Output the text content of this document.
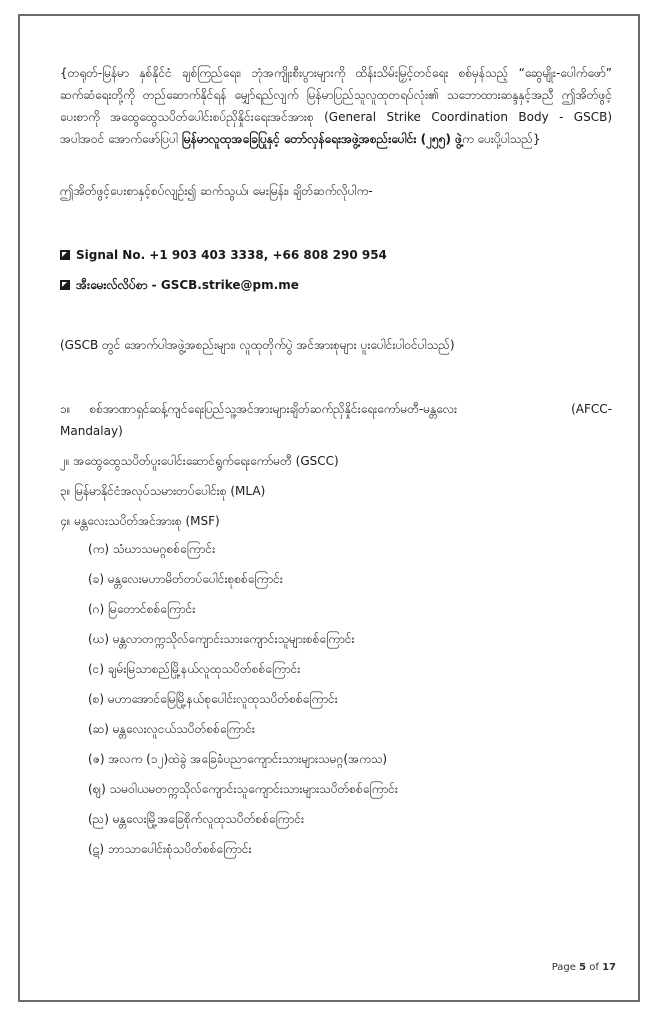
{တရုတ်-မြန်မာ နှစ်နိုင်ငံ ချစ်ကြည်ရေး၊ ဘုံအကျိုးစီးပွားများကို ထိန်းသိမ်းမြှင့်တင်ရေး စစ်မှန်သည့် “ဆွေမျိုး-ပေါက်ဖော်” ဆက်ဆံရေးတို့ကို တည်ဆောက်နိုင်ရန် မျှော်ရည်လျက် မြန်မာပြည်သူလူထုတရပ်လုံး၏ သဘောထားဆန္ဒနှင့်အညီ ဤအိတ်ဖွင့်ပေးစာကို အထွေထွေသပိတ်ပေါင်းစပ်ညှိနှိုင်းရေးအင်အားစု (General Strike Coordination Body - GSCB) အပါအဝင် အောက်ဖော်ပြပါ မြန်မာလူထုအခြေပြုနှင့် တော်လှန်ရေးအဖွဲ့အစည်းပေါင်း (၂၅၅) ဖွဲ့က ပေးပို့ပါသည်}

ဤအိတ်ဖွင့်ပေးစာနှင့်စပ်လျဥ်း၍ ဆက်သွယ်၊ မေးမြန်း၊ ချိတ်ဆက်လိုပါက-

Signal No. +1 903 403 3338, +66 808 290 954

အီးမေးလ်လိပ်စာ - GSCB.strike@pm.me

(GSCB တွင် အောက်ပါအဖွဲ့အစည်းများ၊ လူထုတိုက်ပွဲ အင်အားစုများ ပူးပေါင်းပါဝင်ပါသည်)

၁။ စစ်အာဏာရှင်ဆန့်ကျင်ရေးပြည်သူ့အင်အားများချိတ်ဆက်ညှိနှိုင်းရေးကော်မတီ-မန္တလေး	(AFCC-

Mandalay)

၂။ အထွေထွေသပိတ်ပူးပေါင်းဆောင်ရွက်ရေးကော်မတီ (GSCC)

၃။ မြန်မာနိုင်ငံအလုပ်သမားတပ်ပေါင်းစု (MLA)

၄။ မန္တလေးသပိတ်အင်အားစု (MSF)

(က) သံဃာသမဂ္ဂစစ်ကြောင်း

(ခ) မန္တလေးမဟာမိတ်တပ်ပေါင်းစုစစ်ကြောင်း

(ဂ) မြတောင်စစ်ကြောင်း

(ဃ) မန္တလာတက္ကသိုလ်ကျောင်းသားကျောင်းသူများစစ်ကြောင်း

(င) ချမ်းမြသာစည်မြို့နယ်လူထုသပိတ်စစ်ကြောင်း

(စ) မဟာအောင်မြေမြို့နယ်စုပေါင်းလူထုသပိတ်စစ်ကြောင်း

(ဆ) မန္တလေးလူငယ်သပိတ်စစ်ကြောင်း

(ဇ) အလက (၁၂)ထဲခွဲ အခြေခံပညာကျောင်းသားများသမဂ္ဂ(အကသ)

(ဈ) သမဝါယမတက္ကသိုလ်ကျောင်းသူကျောင်းသားများသပိတ်စစ်ကြောင်း

(ည) မန္တလေးမြို့အခြေစိုက်လူထုသပိတ်စစ်ကြောင်း

(ဋ) ဘာသာပေါင်းစုံသပိတ်စစ်ကြောင်း

Page 5 of 17
